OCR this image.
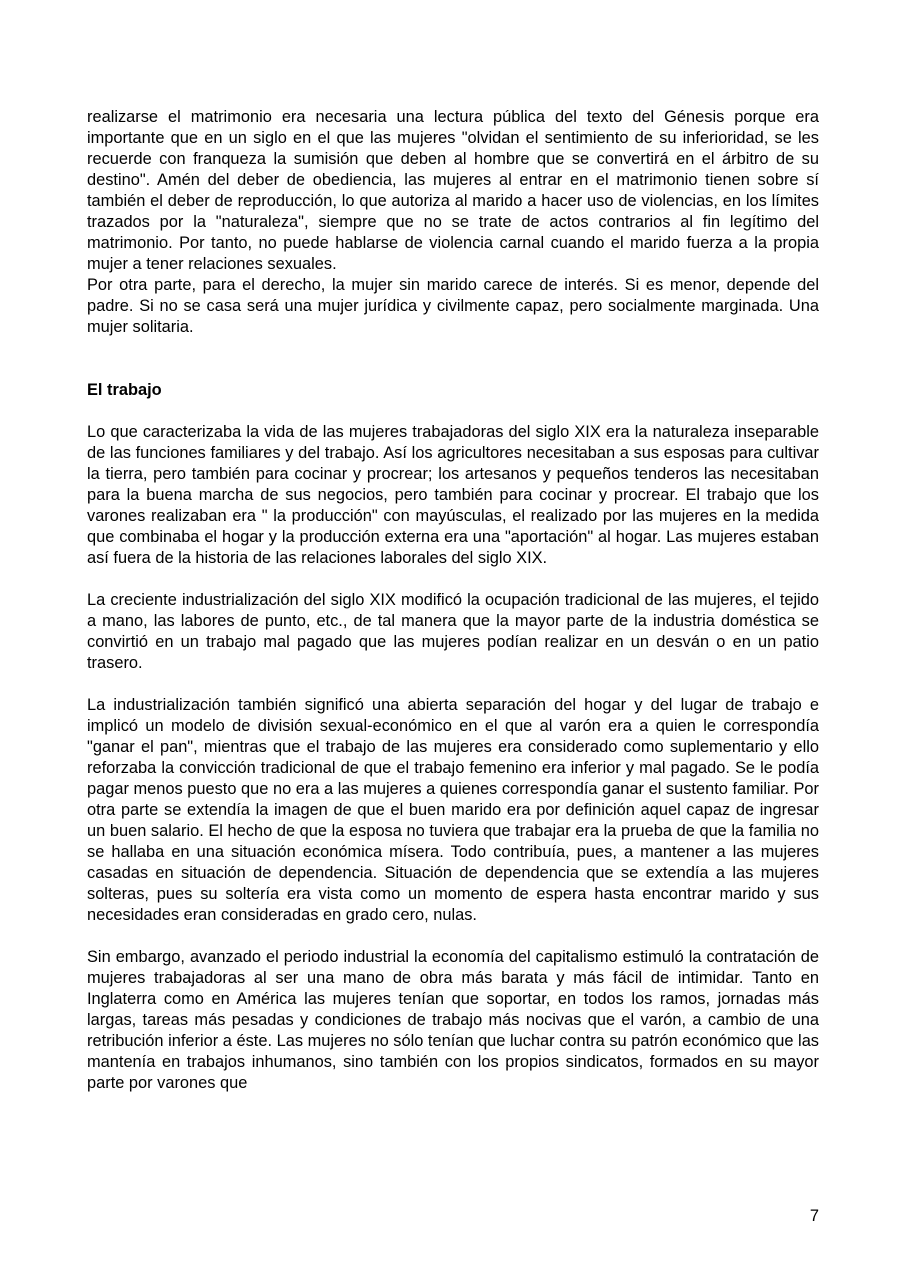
realizarse el matrimonio era necesaria una lectura pública del texto del Génesis porque era importante que en un siglo en el que las mujeres "olvidan el sentimiento de su inferioridad, se les recuerde con franqueza la sumisión que deben al hombre que se convertirá en el árbitro de su destino". Amén del deber de obediencia, las mujeres al entrar en el matrimonio tienen sobre sí también el deber de reproducción, lo que autoriza al marido a hacer uso de violencias, en los límites trazados por la "naturaleza", siempre que no se trate de actos contrarios al fin legítimo del matrimonio. Por tanto, no puede hablarse de violencia carnal cuando el marido fuerza a la propia mujer a tener relaciones sexuales.

Por otra parte, para el derecho, la mujer sin marido carece de interés. Si es menor, depende del padre. Si no se casa será una mujer jurídica y civilmente capaz, pero socialmente marginada. Una mujer solitaria.

El trabajo

Lo que caracterizaba la vida de las mujeres trabajadoras del siglo XIX era la naturaleza inseparable de las funciones familiares y del trabajo. Así los agricultores necesitaban a sus esposas para cultivar la tierra, pero también para cocinar y procrear; los artesanos y pequeños tenderos las necesitaban para la buena marcha de sus negocios, pero también para cocinar y procrear. El trabajo que los varones realizaban era " la producción" con mayúsculas, el realizado por las mujeres en la medida que combinaba el hogar y la producción externa era una "aportación" al hogar. Las mujeres estaban así fuera de la historia de las relaciones laborales del siglo XIX.

La creciente industrialización del siglo XIX modificó la ocupación tradicional de las mujeres, el tejido a mano, las labores de punto, etc., de tal manera que la mayor parte de la industria doméstica se convirtió en un trabajo mal pagado que las mujeres podían realizar en un desván o en un patio trasero.

La industrialización también significó una abierta separación del hogar y del lugar de trabajo e implicó un modelo de división sexual-económico en el que al varón era a quien le correspondía "ganar el pan", mientras que el trabajo de las mujeres era considerado como suplementario y ello reforzaba la convicción tradicional de que el trabajo femenino era inferior y mal pagado. Se le podía pagar menos puesto que no era a las mujeres a quienes correspondía ganar el sustento familiar. Por otra parte se extendía la imagen de que el buen marido era por definición aquel capaz de ingresar un buen salario. El hecho de que la esposa no tuviera que trabajar era la prueba de que la familia no se hallaba en una situación económica mísera. Todo contribuía, pues, a mantener a las mujeres casadas en situación de dependencia. Situación de dependencia que se extendía a las mujeres solteras, pues su soltería era vista como un momento de espera hasta encontrar marido y sus necesidades eran consideradas en grado cero, nulas.

Sin embargo, avanzado el periodo industrial la economía del capitalismo estimuló la contratación de mujeres trabajadoras al ser una mano de obra más barata y más fácil de intimidar. Tanto en Inglaterra como en América las mujeres tenían que soportar, en todos los ramos, jornadas más largas, tareas más pesadas y condiciones de trabajo más nocivas que el varón, a cambio de una retribución inferior a éste. Las mujeres no sólo tenían que luchar contra su patrón económico que las mantenía en trabajos inhumanos, sino también con los propios sindicatos, formados en su mayor parte por varones que

7
